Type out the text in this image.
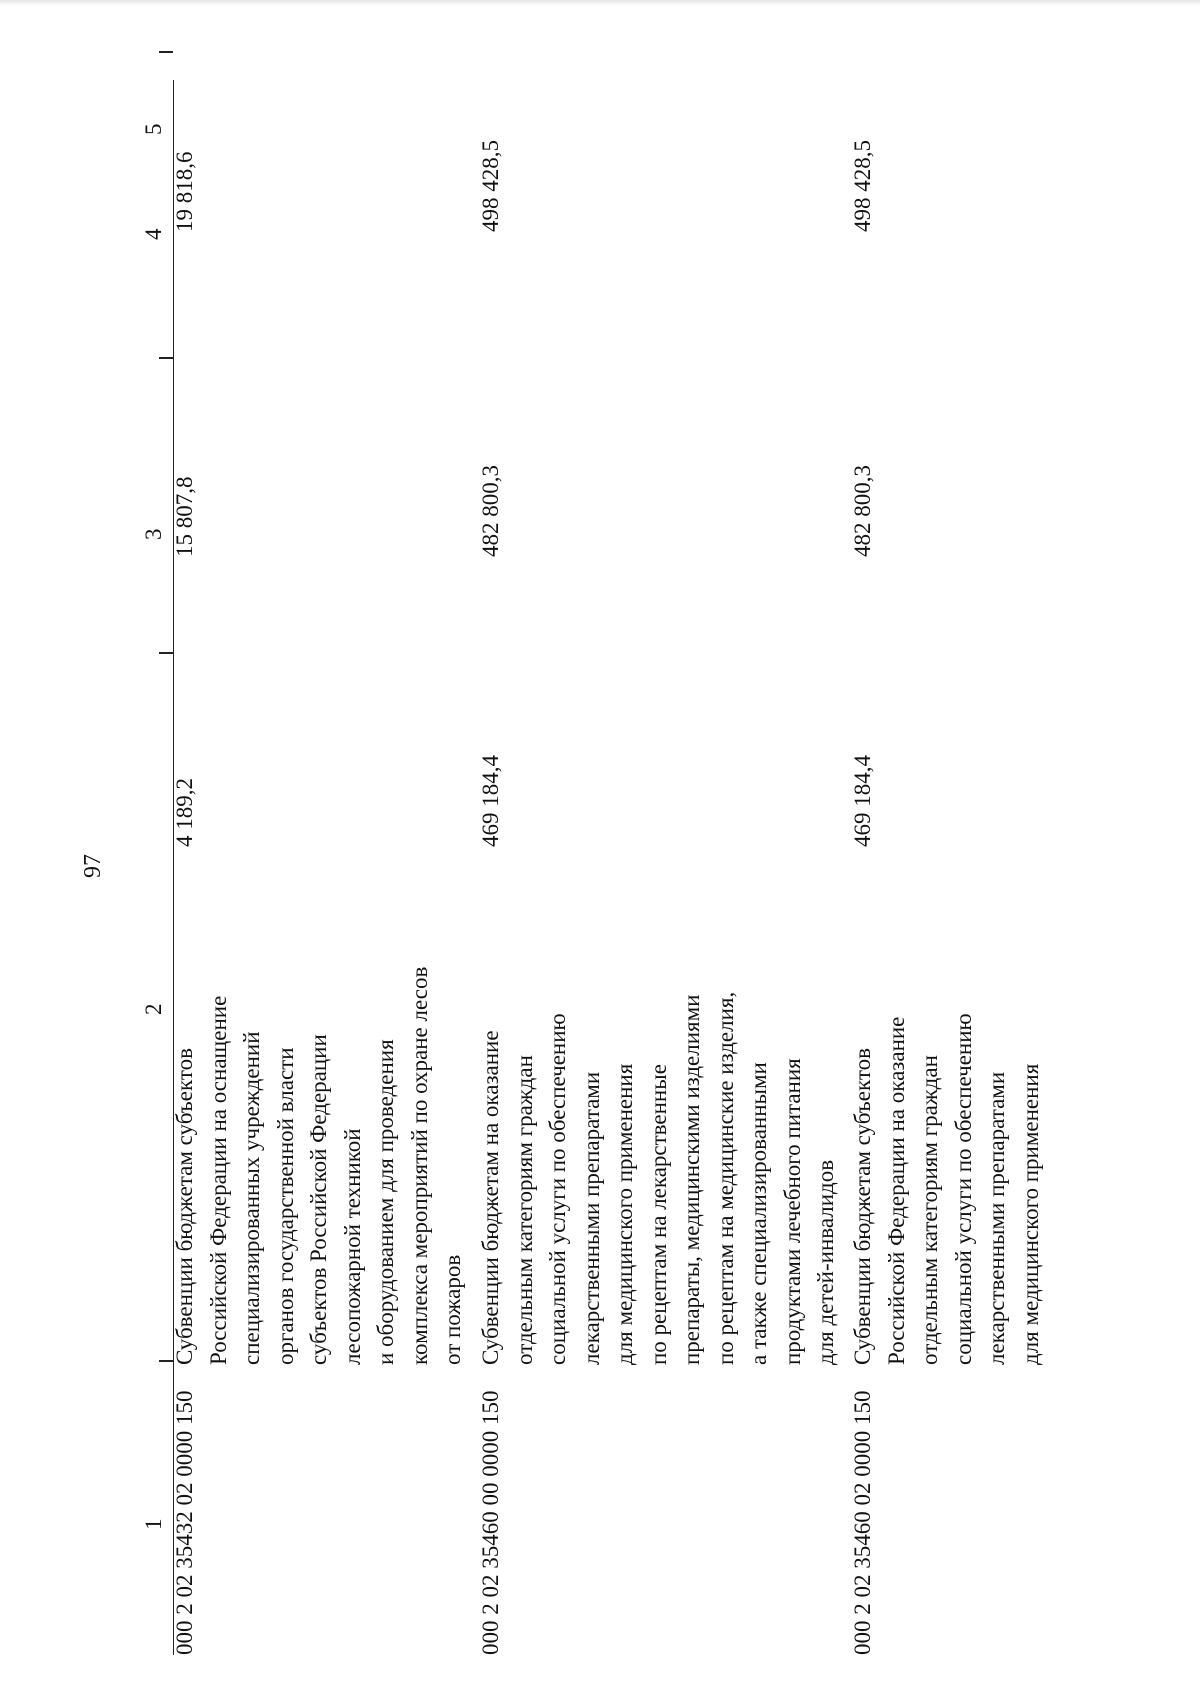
97
1
2
3
4
5
000 2 02 35432 02 0000 150
Субвенции бюджетам субъектов Российской Федерации на оснащение специализированных учреждений органов государственной власти субъектов Российской Федерации лесопожарной техникой и оборудованием для проведения комплекса мероприятий по охране лесов от пожаров
4 189,2
15 807,8
19 818,6
000 2 02 35460 00 0000 150
Субвенции бюджетам на оказание отдельным категориям граждан социальной услуги по обеспечению лекарственными препаратами для медицинского применения по рецептам на лекарственные препараты, медицинскими изделиями по рецептам на медицинские изделия, а также специализированными продуктами лечебного питания для детей-инвалидов
469 184,4
482 800,3
498 428,5
000 2 02 35460 02 0000 150
Субвенции бюджетам субъектов Российской Федерации на оказание отдельным категориям граждан социальной услуги по обеспечению лекарственными препаратами для медицинского применения
469 184,4
482 800,3
498 428,5
